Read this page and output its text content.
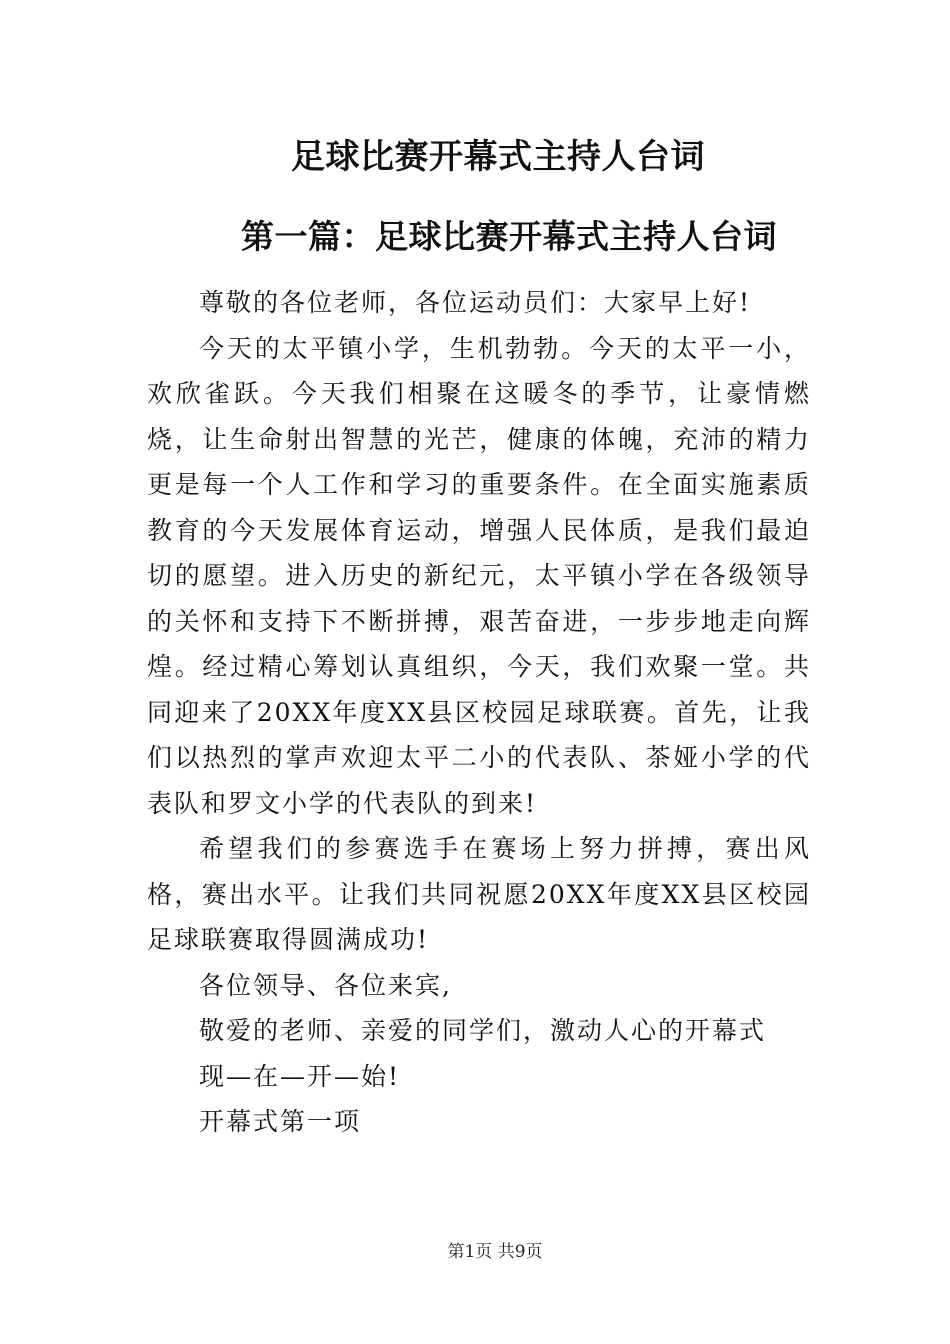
足球比赛开幕式主持人台词
第一篇：足球比赛开幕式主持人台词

尊敬的各位老师，各位运动员们：大家早上好!

今天的太平镇小学，生机勃勃。今天的太平一小，欢欣雀跃。今天我们相聚在这暖冬的季节，让豪情燃烧，让生命射出智慧的光芒，健康的体魄，充沛的精力更是每一个人工作和学习的重要条件。在全面实施素质教育的今天发展体育运动，增强人民体质，是我们最迫切的愿望。进入历史的新纪元，太平镇小学在各级领导的关怀和支持下不断拼搏，艰苦奋进，一步步地走向辉煌。经过精心筹划认真组织，今天，我们欢聚一堂。共同迎来了20XX年度XX县区校园足球联赛。首先，让我们以热烈的掌声欢迎太平二小的代表队、茶娅小学的代表队和罗文小学的代表队的到来!

希望我们的参赛选手在赛场上努力拼搏，赛出风格，赛出水平。让我们共同祝愿20XX年度XX县区校园足球联赛取得圆满成功!

各位领导、各位来宾,

敬爱的老师、亲爱的同学们，激动人心的开幕式

现—在—开—始!

开幕式第一项

第1页 共9页
